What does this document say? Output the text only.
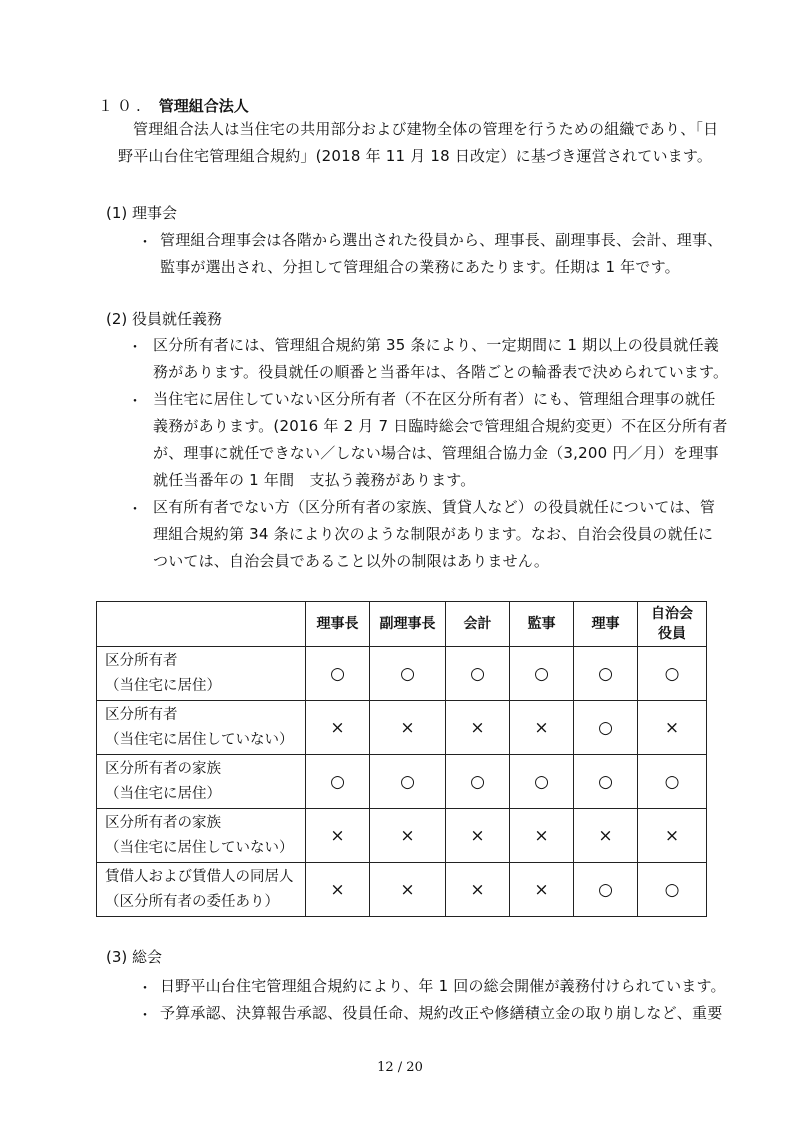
１０. 管理組合法人
管理組合法人は当住宅の共用部分および建物全体の管理を行うための組織であり、「日
野平山台住宅管理組合規約」(2018 年 11 月 18 日改定）に基づき運営されています。
(1) 理事会
・ 管理組合理事会は各階から選出された役員から、理事長、副理事長、会計、理事、
監事が選出され、分担して管理組合の業務にあたります。任期は 1 年です。
(2) 役員就任義務
・ 区分所有者には、管理組合規約第 35 条により、一定期間に 1 期以上の役員就任義
務があります。役員就任の順番と当番年は、各階ごとの輪番表で決められています。
・ 当住宅に居住していない区分所有者（不在区分所有者）にも、管理組合理事の就任
義務があります。(2016 年 2 月 7 日臨時総会で管理組合規約変更）不在区分所有者
が、理事に就任できない／しない場合は、管理組合協力金（3,200 円／月）を理事
就任当番年の 1 年間　支払う義務があります。
・ 区有所有者でない方（区分所有者の家族、賃貸人など）の役員就任については、管
理組合規約第 34 条により次のような制限があります。なお、自治会役員の就任に
ついては、自治会員であること以外の制限はありません。
	理事長	副理事長	会計	監事	理事	自治会
役員

区分所有者
（当住宅に居住）	○	○	○	○	○	○

区分所有者
（当住宅に居住していない）	×	×	×	×	○	×

区分所有者の家族
（当住宅に居住）	○	○	○	○	○	○

区分所有者の家族
（当住宅に居住していない）	×	×	×	×	×	×

賃借人および賃借人の同居人
（区分所有者の委任あり）	×	×	×	×	○	○
(3) 総会
・ 日野平山台住宅管理組合規約により、年 1 回の総会開催が義務付けられています。
・ 予算承認、決算報告承認、役員任命、規約改正や修繕積立金の取り崩しなど、重要
12 / 20
